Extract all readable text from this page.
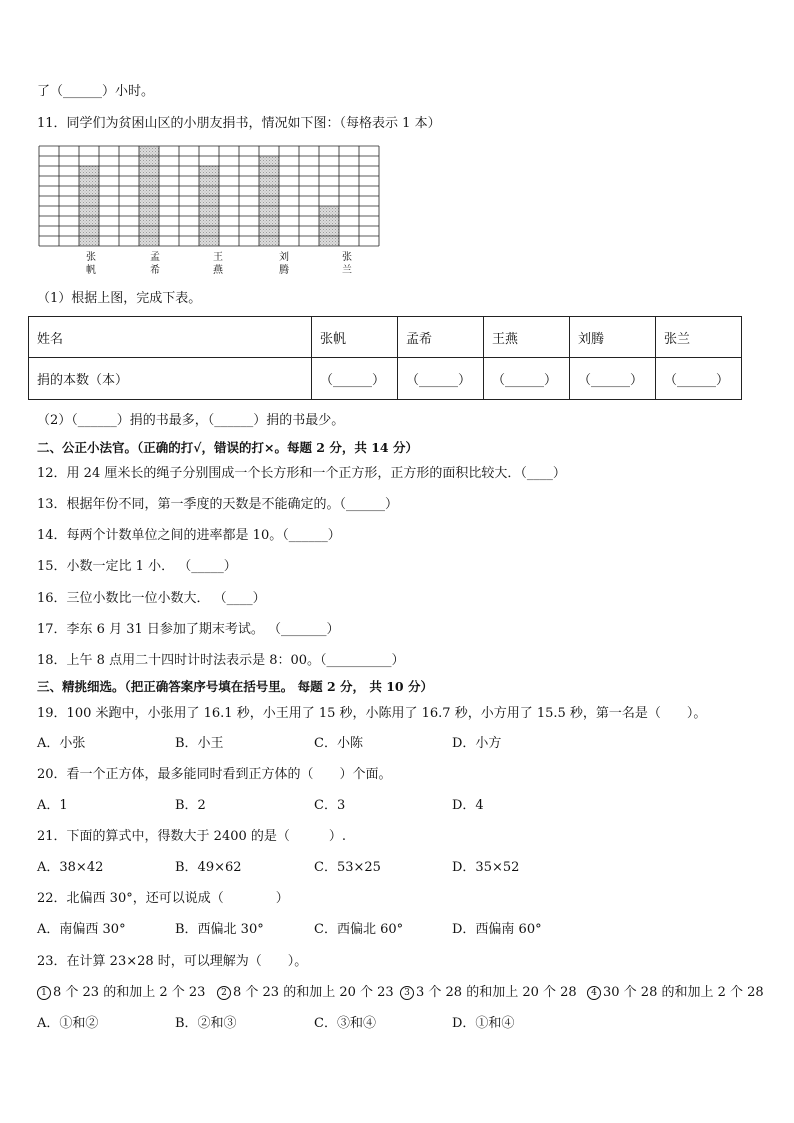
了（______）小时。
11．同学们为贫困山区的小朋友捐书，情况如下图：（每格表示 1 本）
张
帆
孟
希
王
燕
刘
腾
张
兰
（1）根据上图，完成下表。
姓名	张帆	孟希	王燕	刘腾	张兰
捐的本数（本）	（______）	（______）	（______）	（______）	（______）
（2）（______）捐的书最多，（______）捐的书最少。
二、公正小法官。（正确的打√，错误的打×。每题 2 分，共 14 分）
12．用 24 厘米长的绳子分别围成一个长方形和一个正方形，正方形的面积比较大．（____）
13．根据年份不同，第一季度的天数是不能确定的。（______）
14．每两个计数单位之间的进率都是 10。（______）
15．小数一定比 1 小． （_____）
16．三位小数比一位小数大． （____）
17．李东 6 月 31 日参加了期末考试。 （_______）
18．上午 8 点用二十四时计时法表示是 8：00。（__________）
三、精挑细选。（把正确答案序号填在括号里。 每题 2 分， 共 10 分）
19．100 米跑中，小张用了 16.1 秒，小王用了 15 秒，小陈用了 16.7 秒，小方用了 15.5 秒，第一名是（　　）。
A．小张	B．小王	C．小陈	D．小方
20．看一个正方体，最多能同时看到正方体的（　　）个面。
A．1	B．2	C．3	D．4
21．下面的算式中，得数大于 2400 的是（　　　）.
A．38×42	B．49×62	C．53×25	D．35×52
22．北偏西 30°，还可以说成（　　　　）
A．南偏西 30°	B．西偏北 30°	C．西偏北 60°	D．西偏南 60°
23．在计算 23×28 时，可以理解为（　　）。
1 8 个 23 的和加上 2 个 23	2 8 个 23 的和加上 20 个 23	3 3 个 28 的和加上 20 个 28	4 30 个 28 的和加上 2 个 28
A．①和②	B．②和③	C．③和④	D．①和④
